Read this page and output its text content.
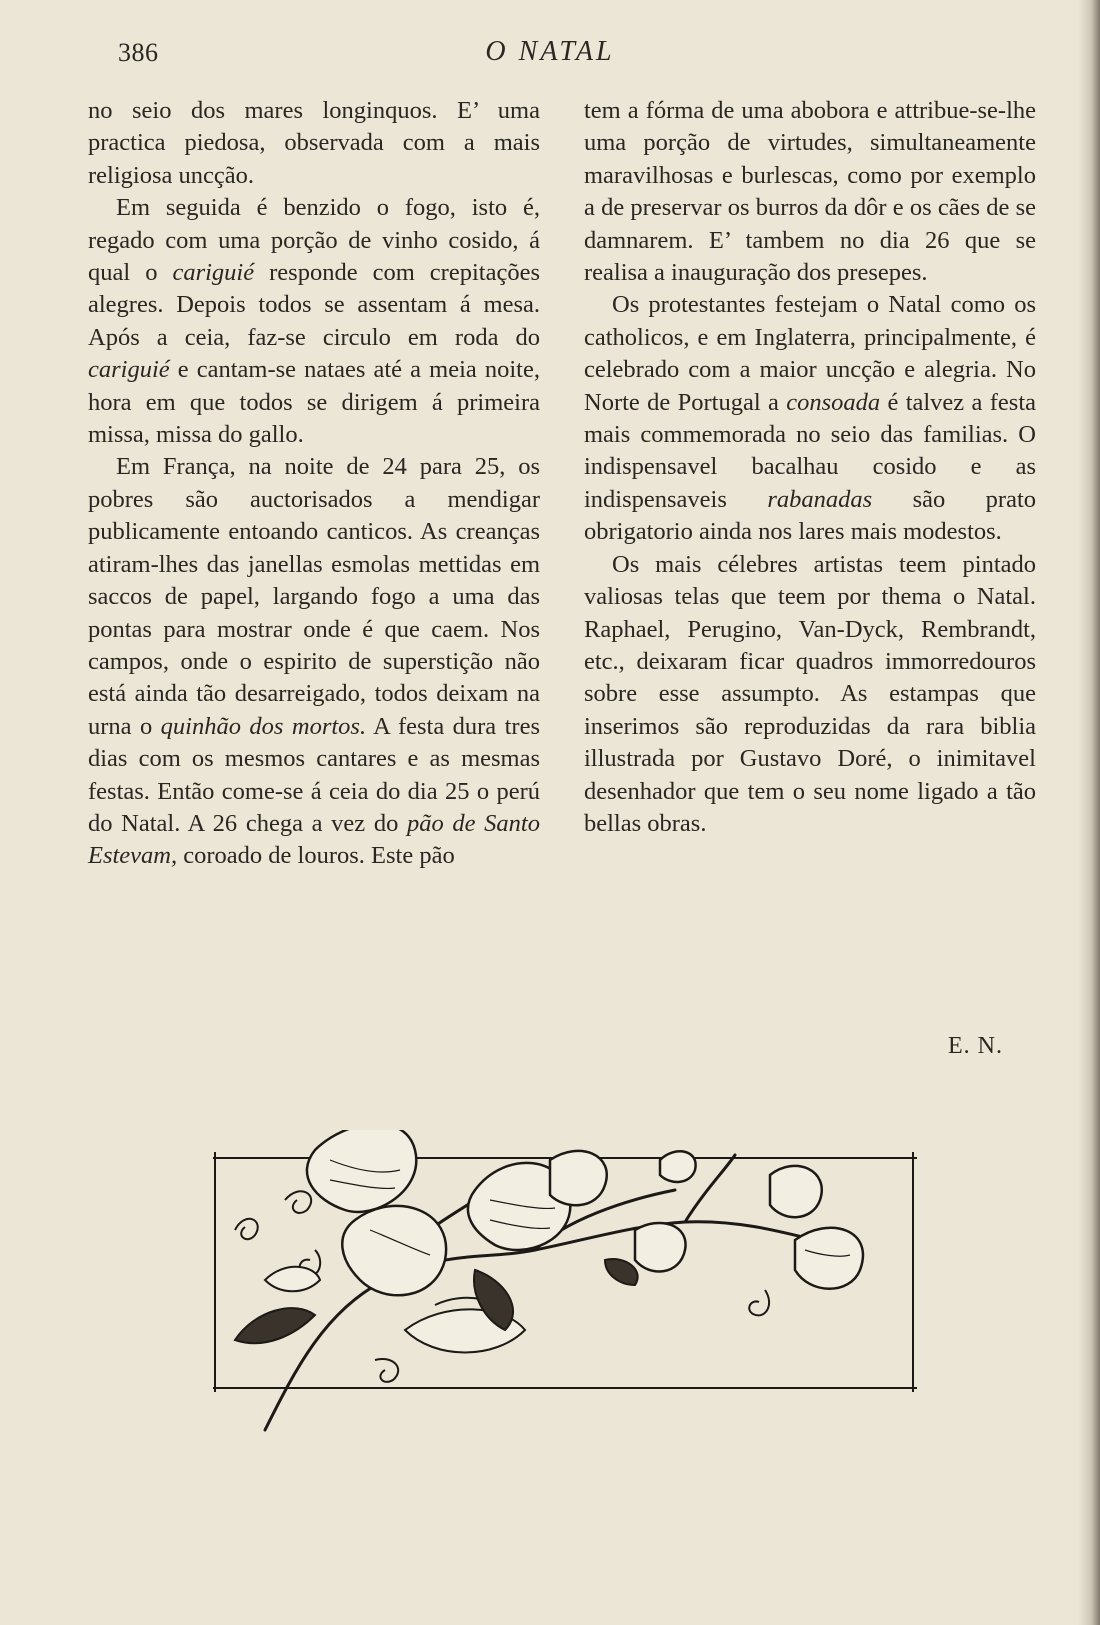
386	O NATAL

no seio dos mares longinquos. E’ uma practica piedosa, observada com a mais religiosa uncção.

Em seguida é benzido o fogo, isto é, regado com uma porção de vinho cosido, á qual o cariguié responde com crepitações alegres. Depois todos se assentam á mesa. Após a ceia, faz-se circulo em roda do cariguié e cantam-se nataes até a meia noite, hora em que todos se dirigem á primeira missa, missa do gallo.

Em França, na noite de 24 para 25, os pobres são auctorisados a mendigar publicamente entoando canticos. As creanças atiram-lhes das janellas esmolas mettidas em saccos de papel, largando fogo a uma das pontas para mostrar onde é que caem. Nos campos, onde o espirito de superstição não está ainda tão desarreigado, todos deixam na urna o quinhão dos mortos. A festa dura tres dias com os mesmos cantares e as mesmas festas. Então come-se á ceia do dia 25 o perú do Natal. A 26 chega a vez do pão de Santo Estevam, coroado de louros. Este pão

tem a fórma de uma abobora e attribue-se-lhe uma porção de virtudes, simultaneamente maravilhosas e burlescas, como por exemplo a de preservar os burros da dôr e os cães de se damnarem. E’ tambem no dia 26 que se realisa a inauguração dos presepes.

Os protestantes festejam o Natal como os catholicos, e em Inglaterra, principalmente, é celebrado com a maior uncção e alegria. No Norte de Portugal a consoada é talvez a festa mais commemorada no seio das familias. O indispensavel bacalhau cosido e as indispensaveis rabanadas são prato obrigatorio ainda nos lares mais modestos.

Os mais célebres artistas teem pintado valiosas telas que teem por thema o Natal. Raphael, Perugino, Van-Dyck, Rembrandt, etc., deixaram ficar quadros immorredouros sobre esse assumpto. As estampas que inserimos são reproduzidas da rara biblia illustrada por Gustavo Doré, o inimitavel desenhador que tem o seu nome ligado a tão bellas obras.

E. N.
